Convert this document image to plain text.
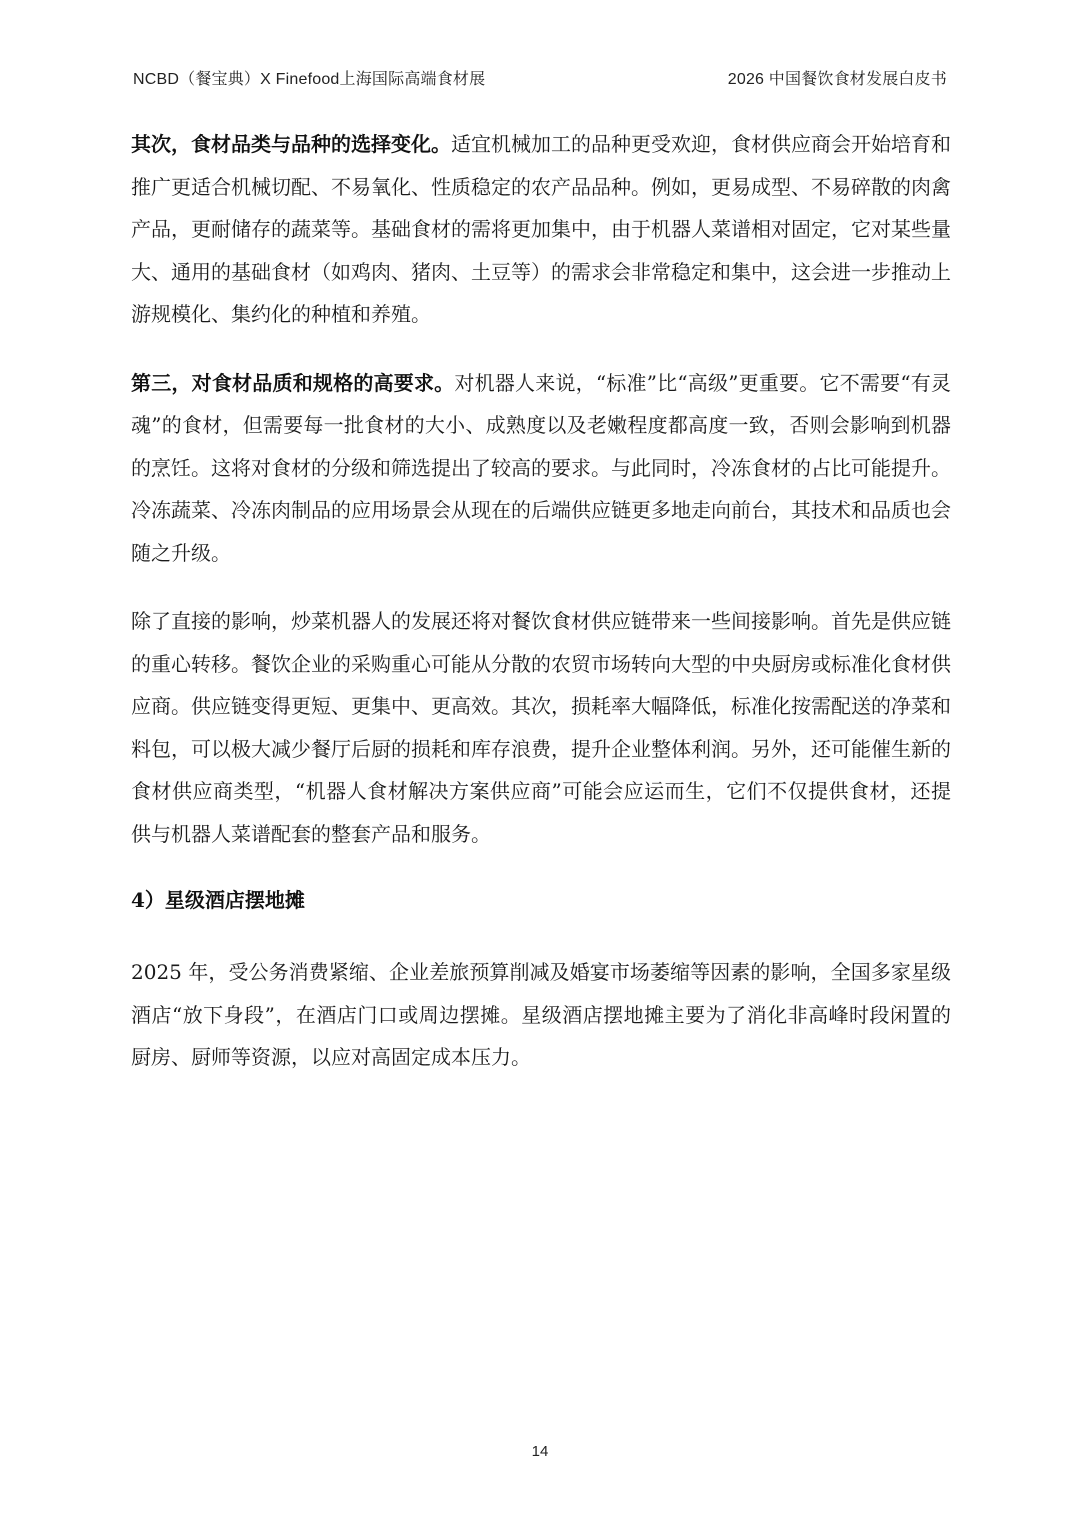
NCBD（餐宝典）X Finefood上海国际高端食材展	2026 中国餐饮食材发展白皮书

其次，食材品类与品种的选择变化。适宜机械加工的品种更受欢迎，食材供应商会开始培育和推广更适合机械切配、不易氧化、性质稳定的农产品品种。例如，更易成型、不易碎散的肉禽产品，更耐储存的蔬菜等。基础食材的需将更加集中，由于机器人菜谱相对固定，它对某些量大、通用的基础食材（如鸡肉、猪肉、土豆等）的需求会非常稳定和集中，这会进一步推动上游规模化、集约化的种植和养殖。

第三，对食材品质和规格的高要求。对机器人来说，“标准”比“高级”更重要。它不需要“有灵魂”的食材，但需要每一批食材的大小、成熟度以及老嫩程度都高度一致，否则会影响到机器的烹饪。这将对食材的分级和筛选提出了较高的要求。与此同时，冷冻食材的占比可能提升。冷冻蔬菜、冷冻肉制品的应用场景会从现在的后端供应链更多地走向前台，其技术和品质也会随之升级。

除了直接的影响，炒菜机器人的发展还将对餐饮食材供应链带来一些间接影响。首先是供应链的重心转移。餐饮企业的采购重心可能从分散的农贸市场转向大型的中央厨房或标准化食材供应商。供应链变得更短、更集中、更高效。其次，损耗率大幅降低，标准化按需配送的净菜和料包，可以极大减少餐厅后厨的损耗和库存浪费，提升企业整体利润。另外，还可能催生新的食材供应商类型，“机器人食材解决方案供应商”可能会应运而生，它们不仅提供食材，还提供与机器人菜谱配套的整套产品和服务。

4）星级酒店摆地摊

2025 年，受公务消费紧缩、企业差旅预算削减及婚宴市场萎缩等因素的影响，全国多家星级酒店“放下身段”，在酒店门口或周边摆摊。星级酒店摆地摊主要为了消化非高峰时段闲置的厨房、厨师等资源，以应对高固定成本压力。

14
